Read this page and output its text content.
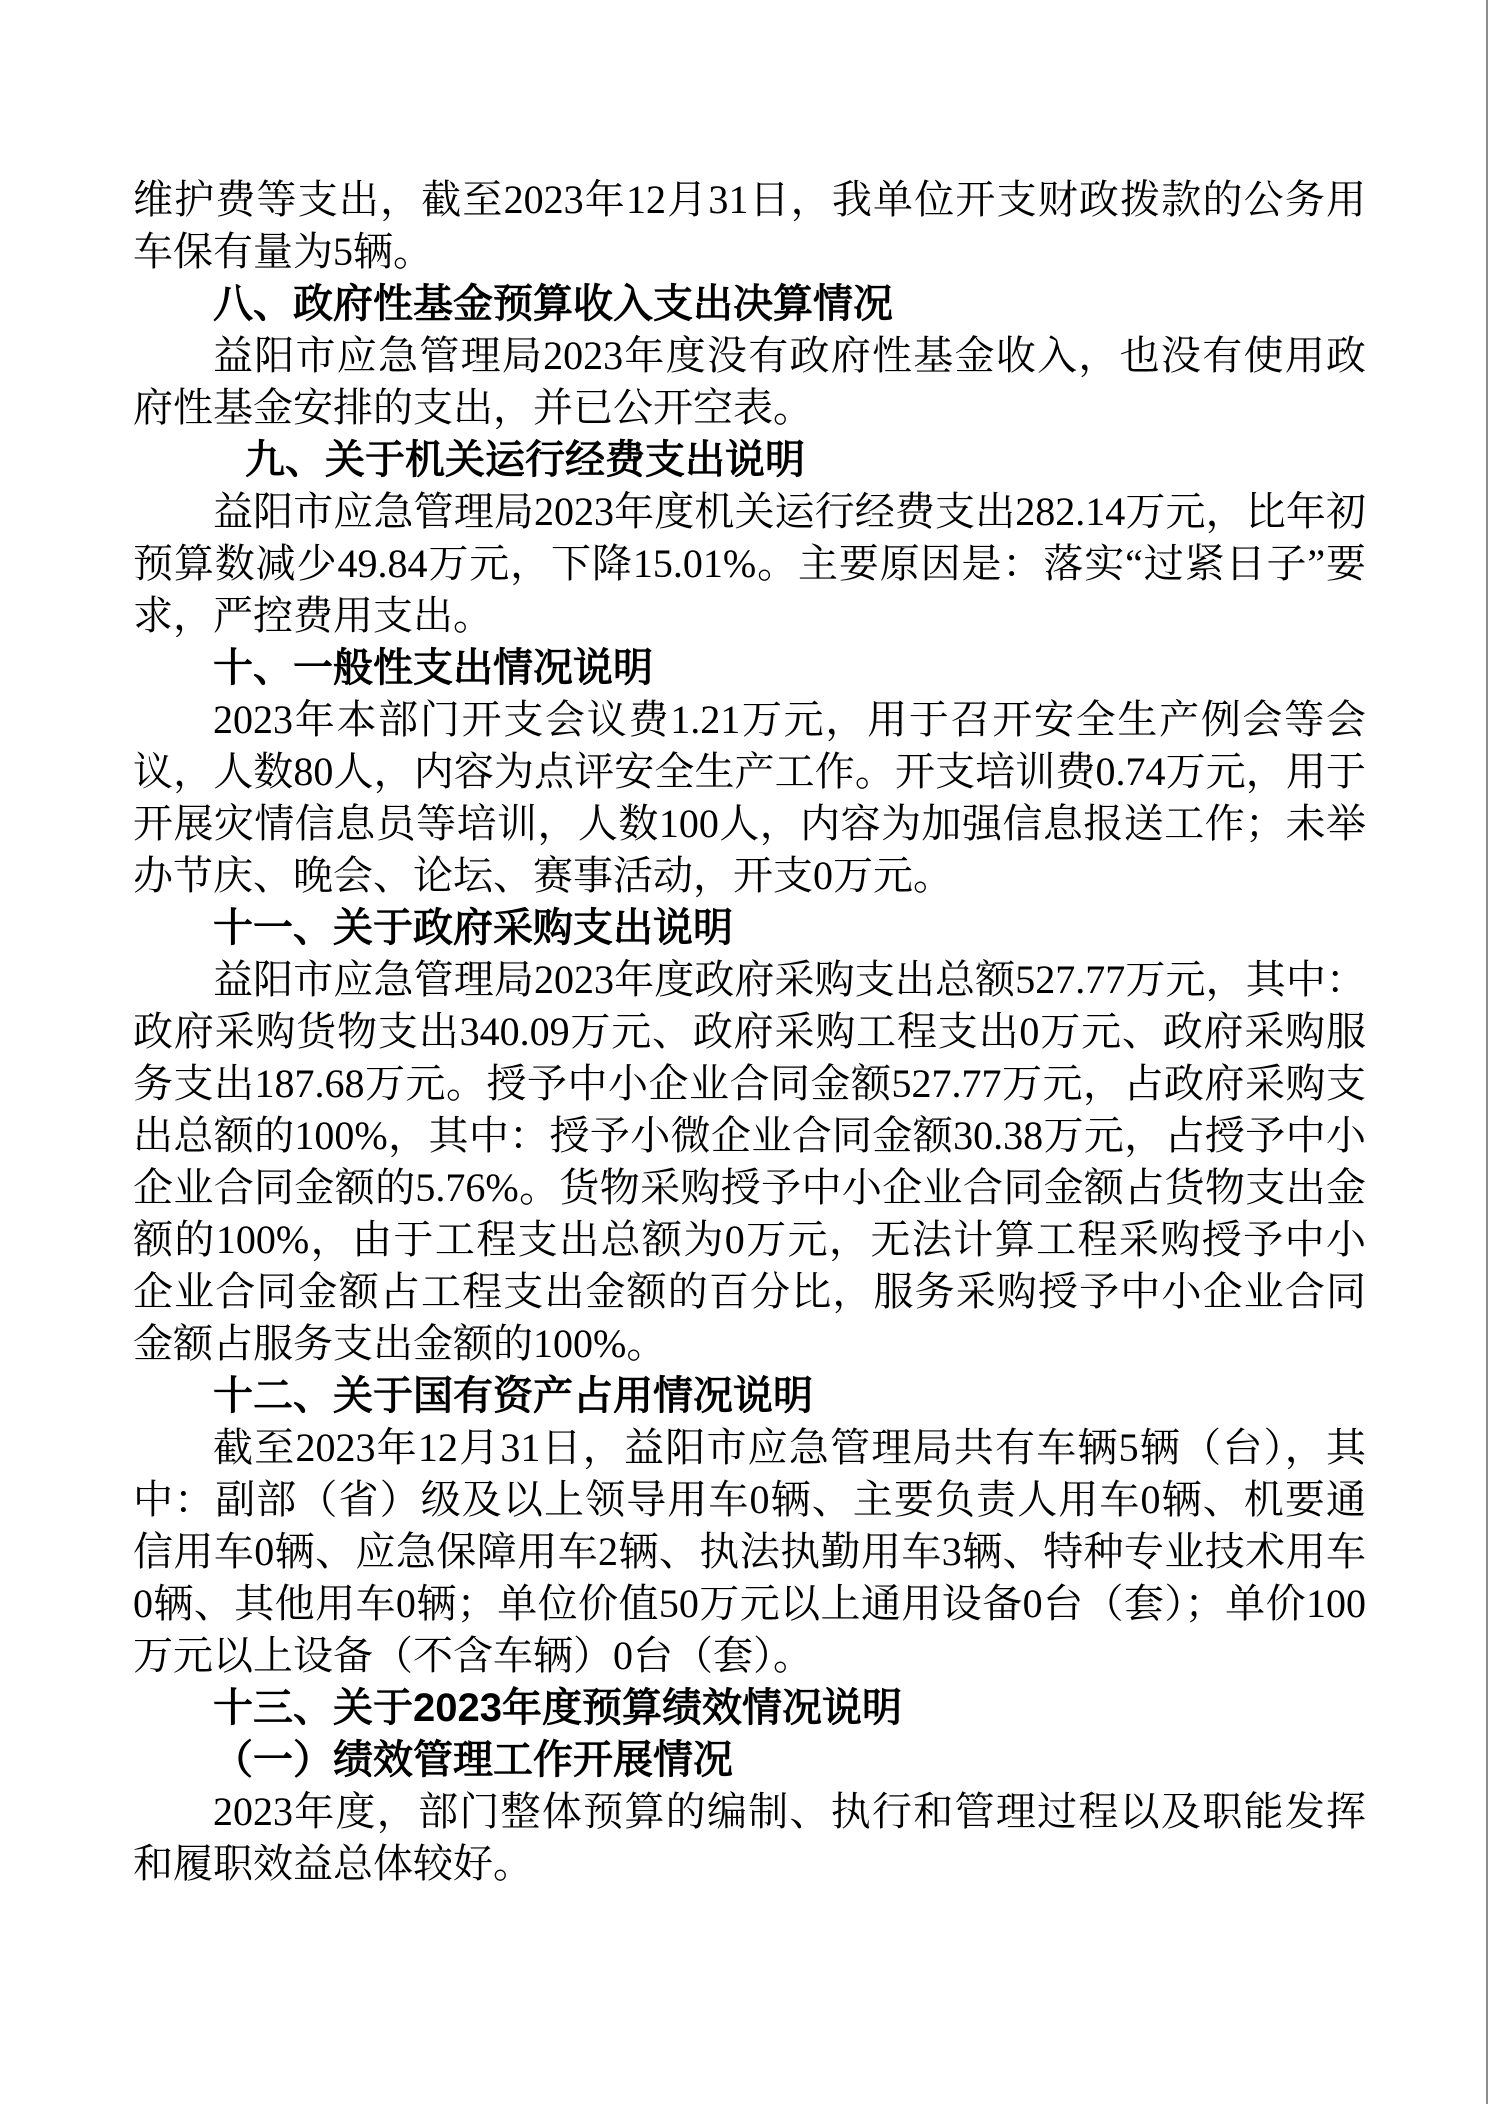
维护费等支出，截至2023年12月31日，我单位开支财政拨款的公务用车保有量为5辆。

八、政府性基金预算收入支出决算情况

益阳市应急管理局2023年度没有政府性基金收入，也没有使用政府性基金安排的支出，并已公开空表。

九、关于机关运行经费支出说明

益阳市应急管理局2023年度机关运行经费支出282.14万元，比年初预算数减少49.84万元，下降15.01%。主要原因是：落实“过紧日子”要求，严控费用支出。

十、一般性支出情况说明

2023年本部门开支会议费1.21万元，用于召开安全生产例会等会议，人数80人，内容为点评安全生产工作。开支培训费0.74万元，用于开展灾情信息员等培训，人数100人，内容为加强信息报送工作；未举办节庆、晚会、论坛、赛事活动，开支0万元。

十一、关于政府采购支出说明

益阳市应急管理局2023年度政府采购支出总额527.77万元，其中：政府采购货物支出340.09万元、政府采购工程支出0万元、政府采购服务支出187.68万元。授予中小企业合同金额527.77万元，占政府采购支出总额的100%，其中：授予小微企业合同金额30.38万元，占授予中小企业合同金额的5.76%。货物采购授予中小企业合同金额占货物支出金额的100%，由于工程支出总额为0万元，无法计算工程采购授予中小企业合同金额占工程支出金额的百分比，服务采购授予中小企业合同金额占服务支出金额的100%。

十二、关于国有资产占用情况说明

截至2023年12月31日，益阳市应急管理局共有车辆5辆（台），其中：副部（省）级及以上领导用车0辆、主要负责人用车0辆、机要通信用车0辆、应急保障用车2辆、执法执勤用车3辆、特种专业技术用车0辆、其他用车0辆；单位价值50万元以上通用设备0台（套）；单价100万元以上设备（不含车辆）0台（套）。

十三、关于2023年度预算绩效情况说明

（一）绩效管理工作开展情况

2023年度，部门整体预算的编制、执行和管理过程以及职能发挥和履职效益总体较好。
